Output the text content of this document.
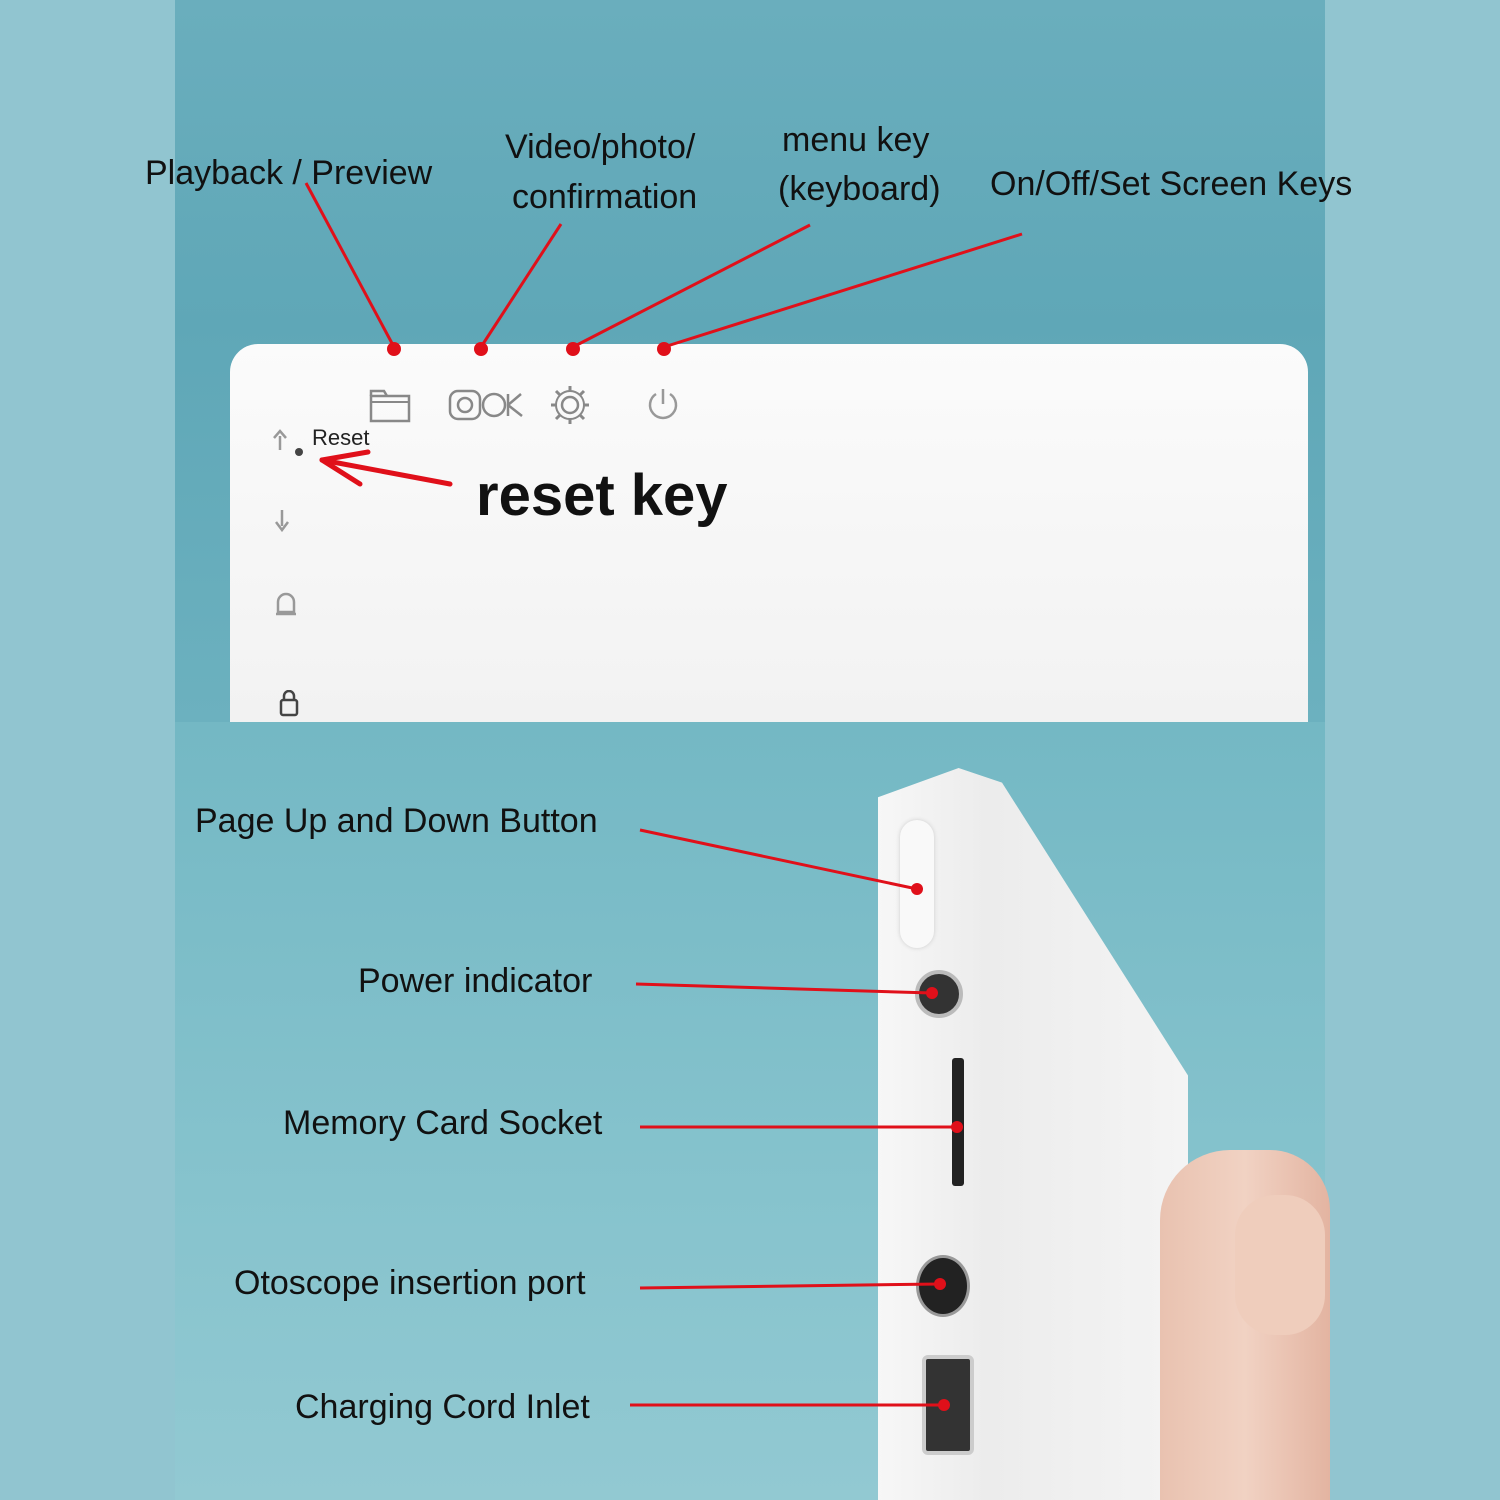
Reset
Playback / Preview
Video/photo/
confirmation
menu key
(keyboard) On/Off/Set Screen Keys
reset key
Page Up and Down Button
Power indicator
Memory Card Socket
Otoscope insertion port
Charging Cord Inlet
